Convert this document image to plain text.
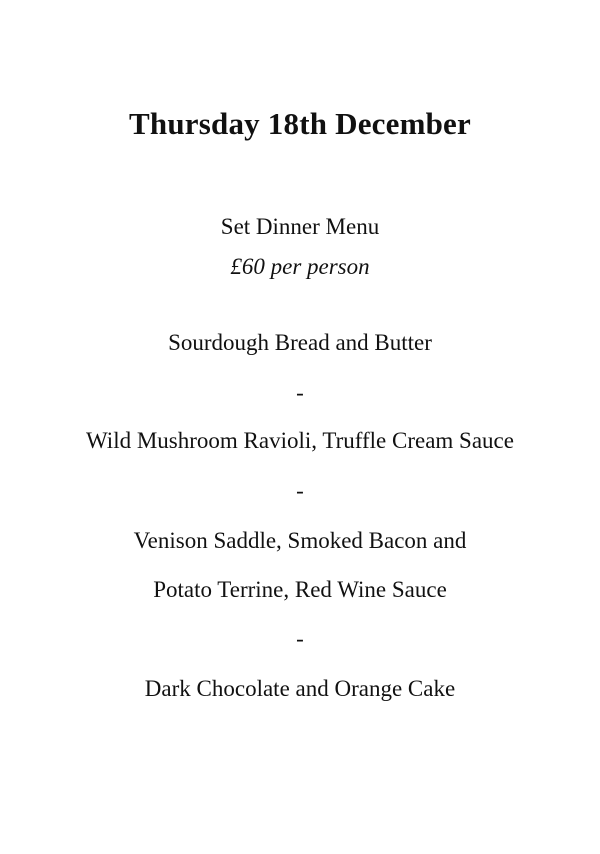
Thursday 18th December
Set Dinner Menu
£60 per person
Sourdough Bread and Butter
-
Wild Mushroom Ravioli, Truffle Cream Sauce
-
Venison Saddle, Smoked Bacon and
Potato Terrine, Red Wine Sauce
-
Dark Chocolate and Orange Cake
